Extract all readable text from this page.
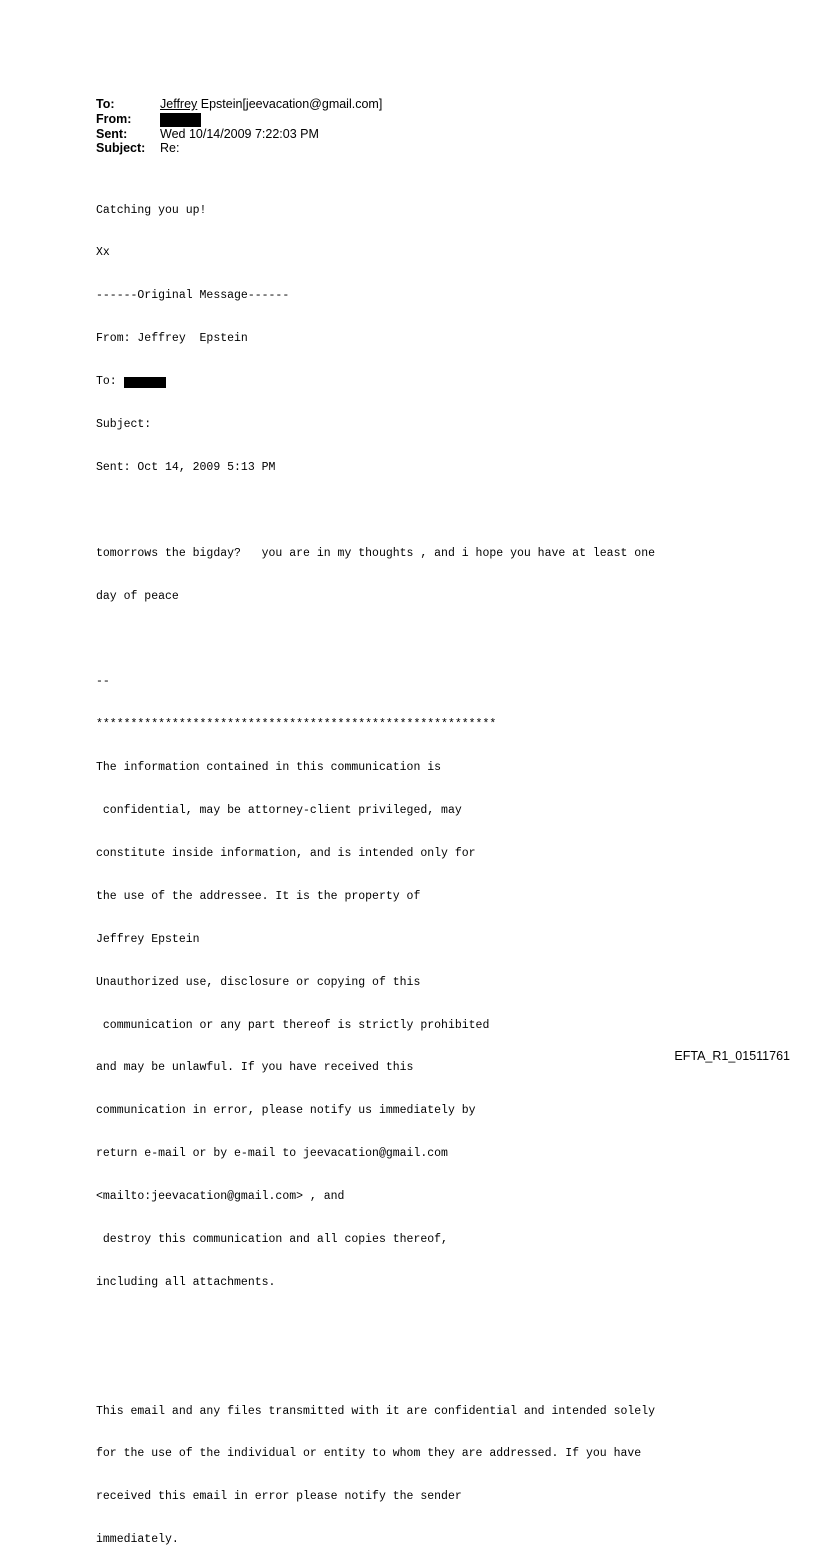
To:	Jeffrey Epstein[jeevacation@gmail.com]
From:
Sent:	Wed 10/14/2009 7:22:03 PM
Subject:	Re:

Catching you up!

Xx

------Original Message------

From: Jeffrey  Epstein

To:

Subject:

Sent: Oct 14, 2009 5:13 PM

tomorrows the bigday?   you are in my thoughts , and i hope you have at least one

day of peace

--

**********************************************************

The information contained in this communication is

confidential, may be attorney-client privileged, may

constitute inside information, and is intended only for

the use of the addressee. It is the property of

Jeffrey Epstein

Unauthorized use, disclosure or copying of this

communication or any part thereof is strictly prohibited

and may be unlawful. If you have received this

communication in error, please notify us immediately by

return e-mail or by e-mail to jeevacation@gmail.com

<mailto:jeevacation@gmail.com> , and

destroy this communication and all copies thereof,

including all attachments.

This email and any files transmitted with it are confidential and intended solely

for the use of the individual or entity to whom they are addressed. If you have

received this email in error please notify the sender

immediately.

EFTA_R1_01511761
